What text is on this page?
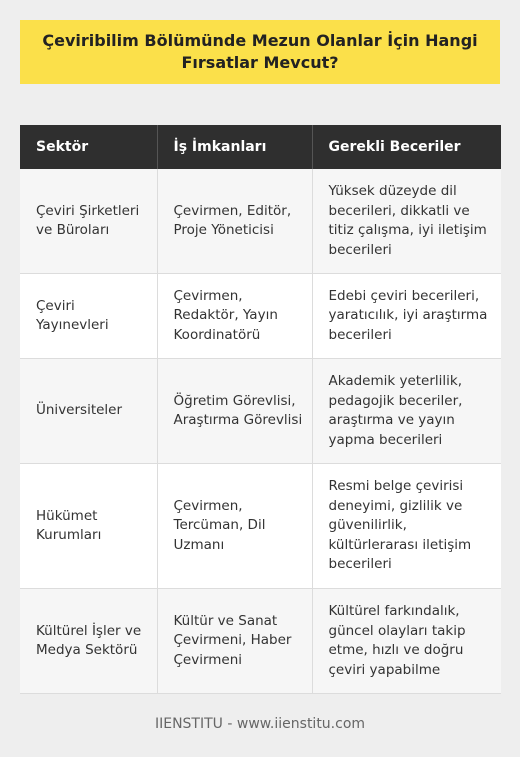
Çeviribilim Bölümünde Mezun Olanlar İçin Hangi Fırsatlar Mevcut?
Sektör	İş İmkanları	Gerekli Beceriler
Çeviri Şirketleri ve Büroları	Çevirmen, Editör, Proje Yöneticisi	Yüksek düzeyde dil becerileri, dikkatli ve titiz çalışma, iyi iletişim becerileri
Çeviri Yayınevleri	Çevirmen, Redaktör, Yayın Koordinatörü	Edebi çeviri becerileri, yaratıcılık, iyi araştırma becerileri
Üniversiteler	Öğretim Görevlisi, Araştırma Görevlisi	Akademik yeterlilik, pedagojik beceriler, araştırma ve yayın yapma becerileri
Hükümet Kurumları	Çevirmen, Tercüman, Dil Uzmanı	Resmi belge çevirisi deneyimi, gizlilik ve güvenilirlik, kültürlerarası iletişim becerileri
Kültürel İşler ve Medya Sektörü	Kültür ve Sanat Çevirmeni, Haber Çevirmeni	Kültürel farkındalık, güncel olayları takip etme, hızlı ve doğru çeviri yapabilme
IIENSTITU - www.iienstitu.com
